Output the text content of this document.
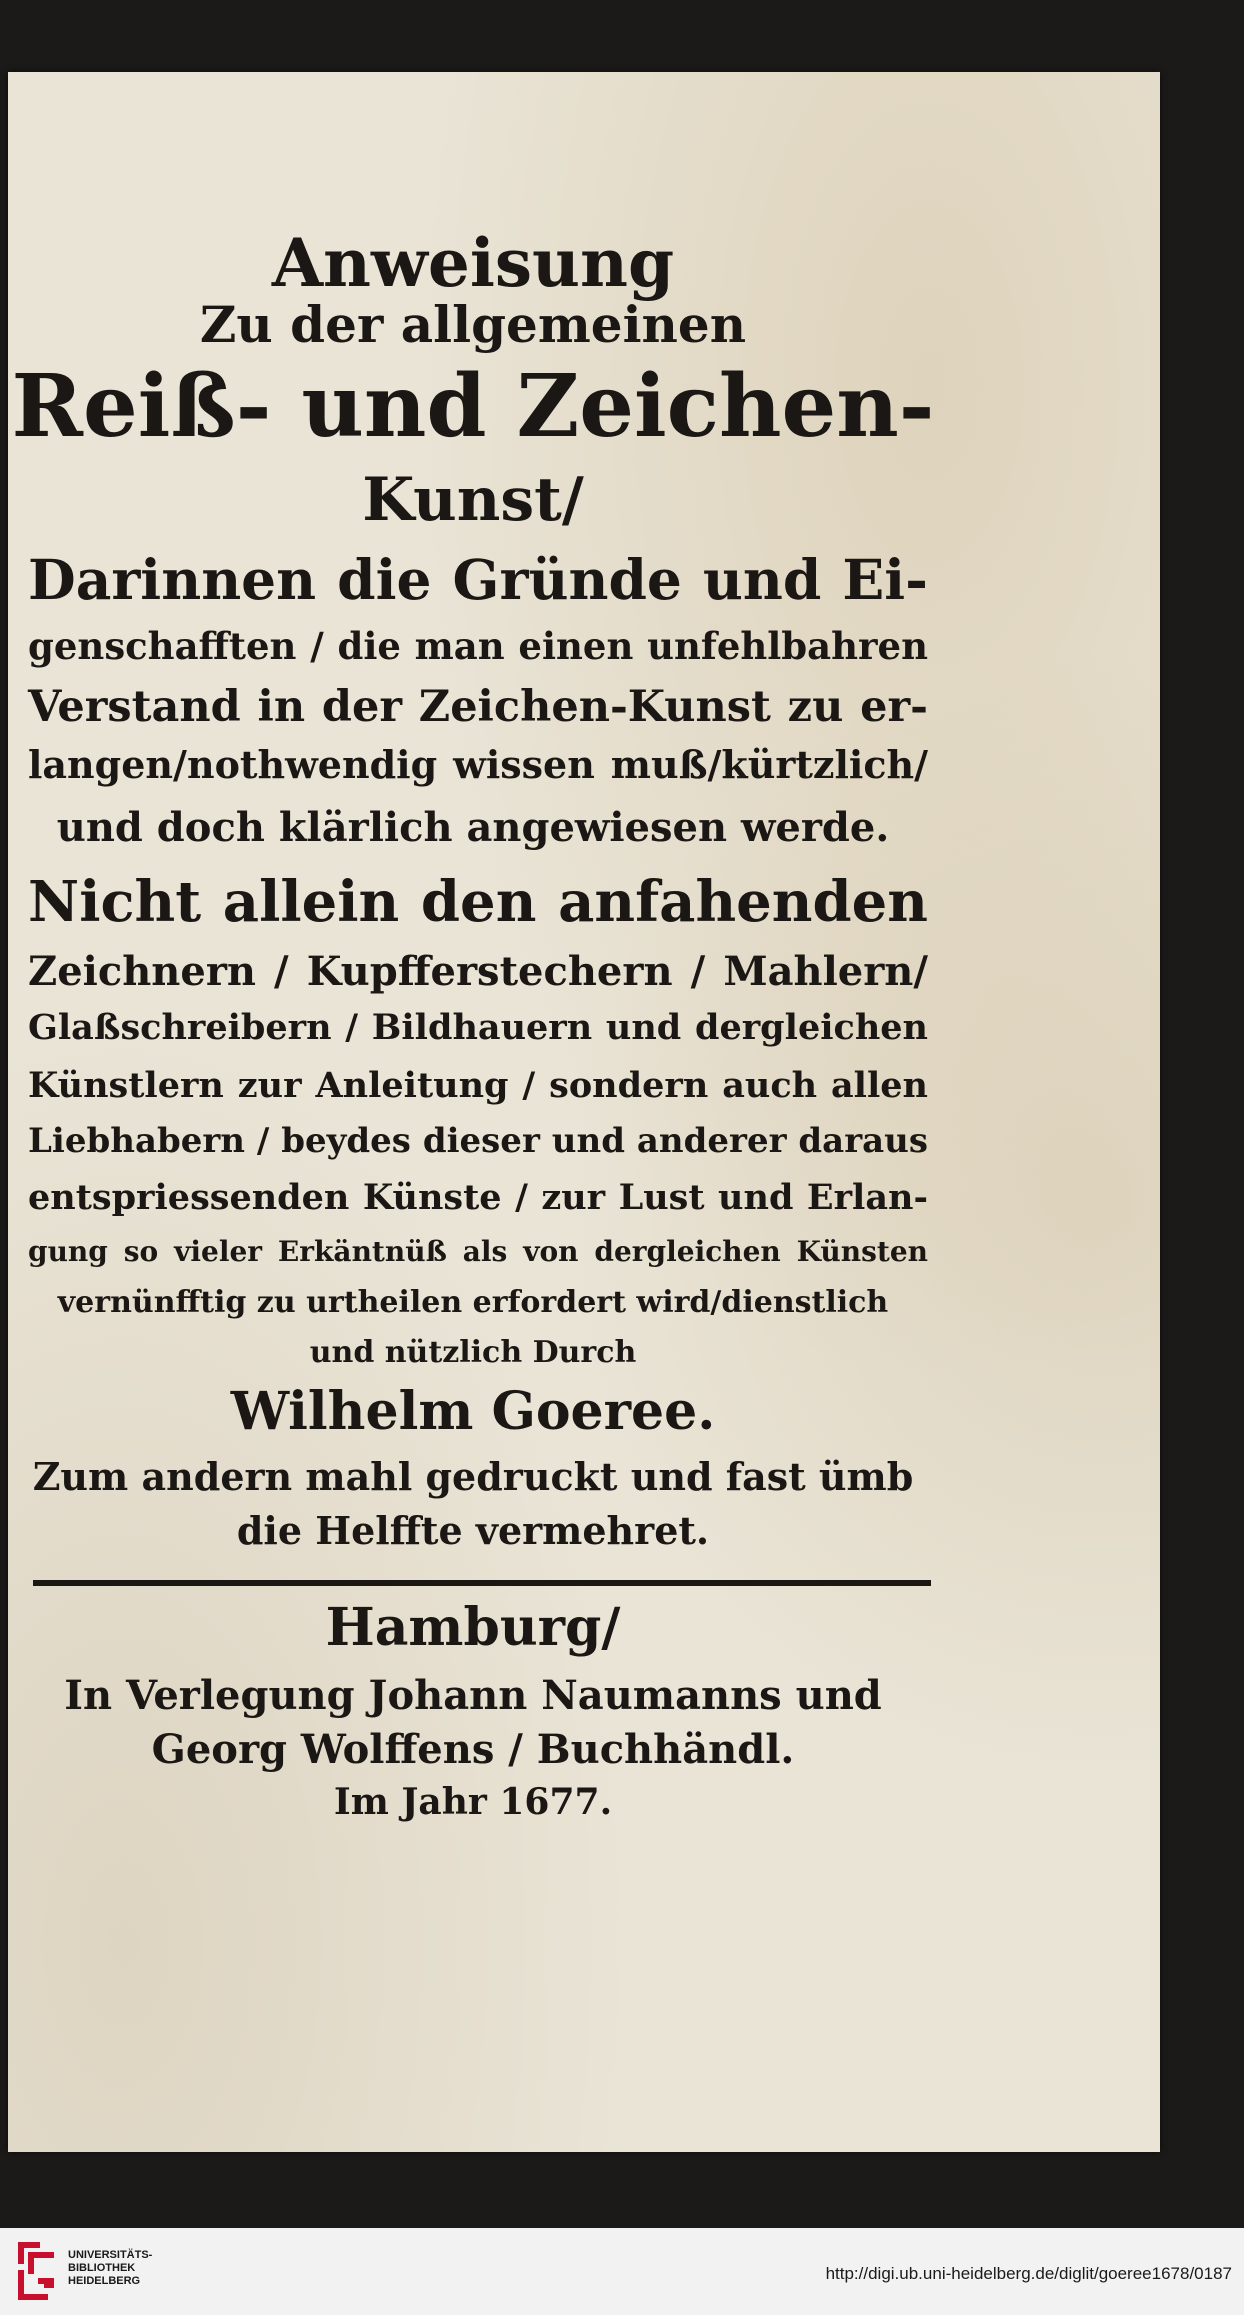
Anweisung
Zu der allgemeinen
Reiß- und Zeichen-
Kunst/
Darinnen die Gründe und Ei-
genschafften / die man einen unfehlbahren
Verstand in der Zeichen-Kunst zu er-
langen/nothwendig wissen muß/kürtzlich/
und doch klärlich angewiesen werde.
Nicht allein den anfahenden
Zeichnern / Kupfferstechern / Mahlern/
Glaßschreibern / Bildhauern und dergleichen
Künstlern zur Anleitung / sondern auch allen
Liebhabern / beydes dieser und anderer daraus
entspriessenden Künste / zur Lust und Erlan-
gung so vieler Erkäntnüß als von dergleichen Künsten
vernünfftig zu urtheilen erfordert wird/dienstlich
und nützlich Durch
Wilhelm Goeree.
Zum andern mahl gedruckt und fast ümb
die Helffte vermehret.
Hamburg/
In Verlegung Johann Naumanns und
Georg Wolffens / Buchhändl.
Im Jahr 1677.
UNIVERSITÄTS-
BIBLIOTHEK
HEIDELBERG	http://digi.ub.uni-heidelberg.de/diglit/goeree1678/0187
